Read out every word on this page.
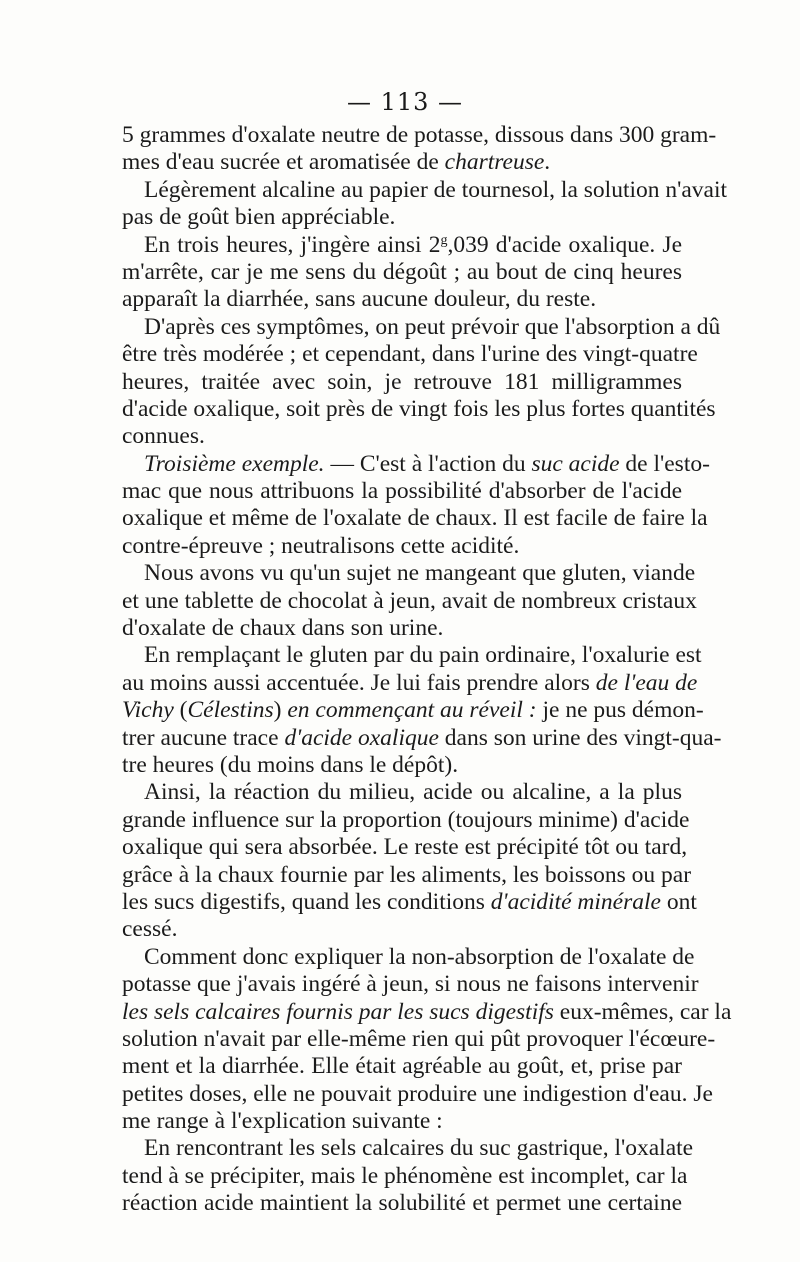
— 113 —
5 grammes d'oxalate neutre de potasse, dissous dans 300 gram-
mes d'eau sucrée et aromatisée de chartreuse.
Légèrement alcaline au papier de tournesol, la solution n'avait
pas de goût bien appréciable.
En trois heures, j'ingère ainsi 2$^g$,039 d'acide oxalique. Je
m'arrête, car je me sens du dégoût ; au bout de cinq heures
apparaît la diarrhée, sans aucune douleur, du reste.
D'après ces symptômes, on peut prévoir que l'absorption a dû
être très modérée ; et cependant, dans l'urine des vingt-quatre
heures, traitée avec soin, je retrouve 181 milligrammes
d'acide oxalique, soit près de vingt fois les plus fortes quantités
connues.
Troisième exemple. — C'est à l'action du suc acide de l'esto-
mac que nous attribuons la possibilité d'absorber de l'acide
oxalique et même de l'oxalate de chaux. Il est facile de faire la
contre-épreuve ; neutralisons cette acidité.
Nous avons vu qu'un sujet ne mangeant que gluten, viande
et une tablette de chocolat à jeun, avait de nombreux cristaux
d'oxalate de chaux dans son urine.
En remplaçant le gluten par du pain ordinaire, l'oxalurie est
au moins aussi accentuée. Je lui fais prendre alors de l'eau de
Vichy (Célestins) en commençant au réveil : je ne pus démon-
trer aucune trace d'acide oxalique dans son urine des vingt-qua-
tre heures (du moins dans le dépôt).
Ainsi, la réaction du milieu, acide ou alcaline, a la plus
grande influence sur la proportion (toujours minime) d'acide
oxalique qui sera absorbée. Le reste est précipité tôt ou tard,
grâce à la chaux fournie par les aliments, les boissons ou par
les sucs digestifs, quand les conditions d'acidité minérale ont
cessé.
Comment donc expliquer la non-absorption de l'oxalate de
potasse que j'avais ingéré à jeun, si nous ne faisons intervenir
les sels calcaires fournis par les sucs digestifs eux-mêmes, car la
solution n'avait par elle-même rien qui pût provoquer l'écœure-
ment et la diarrhée. Elle était agréable au goût, et, prise par
petites doses, elle ne pouvait produire une indigestion d'eau. Je
me range à l'explication suivante :
En rencontrant les sels calcaires du suc gastrique, l'oxalate
tend à se précipiter, mais le phénomène est incomplet, car la
réaction acide maintient la solubilité et permet une certaine
